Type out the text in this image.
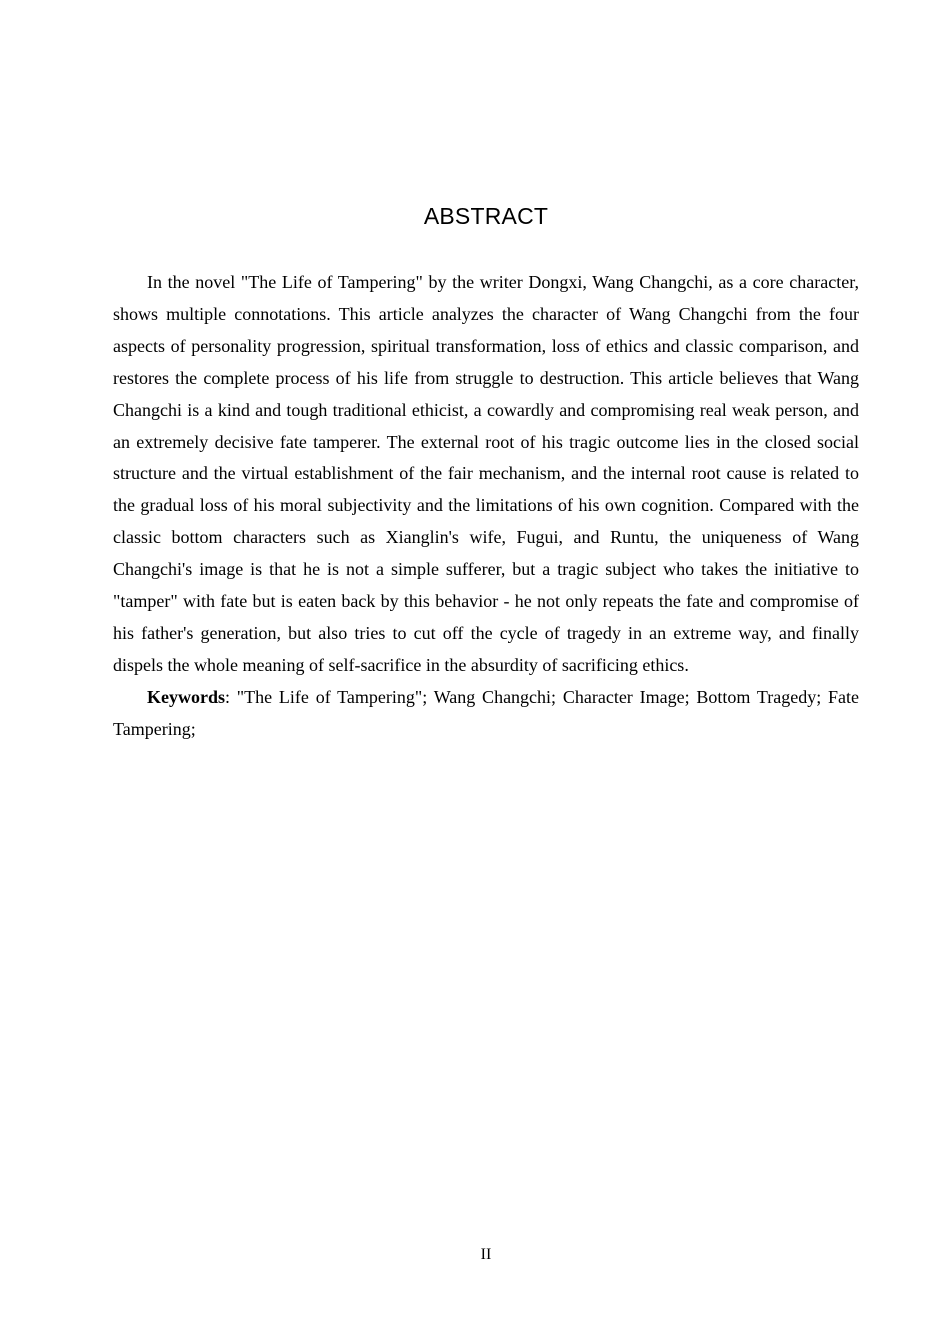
ABSTRACT

In the novel "The Life of Tampering" by the writer Dongxi, Wang Changchi, as a core character, shows multiple connotations. This article analyzes the character of Wang Changchi from the four aspects of personality progression, spiritual transformation, loss of ethics and classic comparison, and restores the complete process of his life from struggle to destruction. This article believes that Wang Changchi is a kind and tough traditional ethicist, a cowardly and compromising real weak person, and an extremely decisive fate tamperer. The external root of his tragic outcome lies in the closed social structure and the virtual establishment of the fair mechanism, and the internal root cause is related to the gradual loss of his moral subjectivity and the limitations of his own cognition. Compared with the classic bottom characters such as Xianglin's wife, Fugui, and Runtu, the uniqueness of Wang Changchi's image is that he is not a simple sufferer, but a tragic subject who takes the initiative to "tamper" with fate but is eaten back by this behavior - he not only repeats the fate and compromise of his father's generation, but also tries to cut off the cycle of tragedy in an extreme way, and finally dispels the whole meaning of self-sacrifice in the absurdity of sacrificing ethics.

Keywords: "The Life of Tampering"; Wang Changchi; Character Image; Bottom Tragedy; Fate Tampering;

II
